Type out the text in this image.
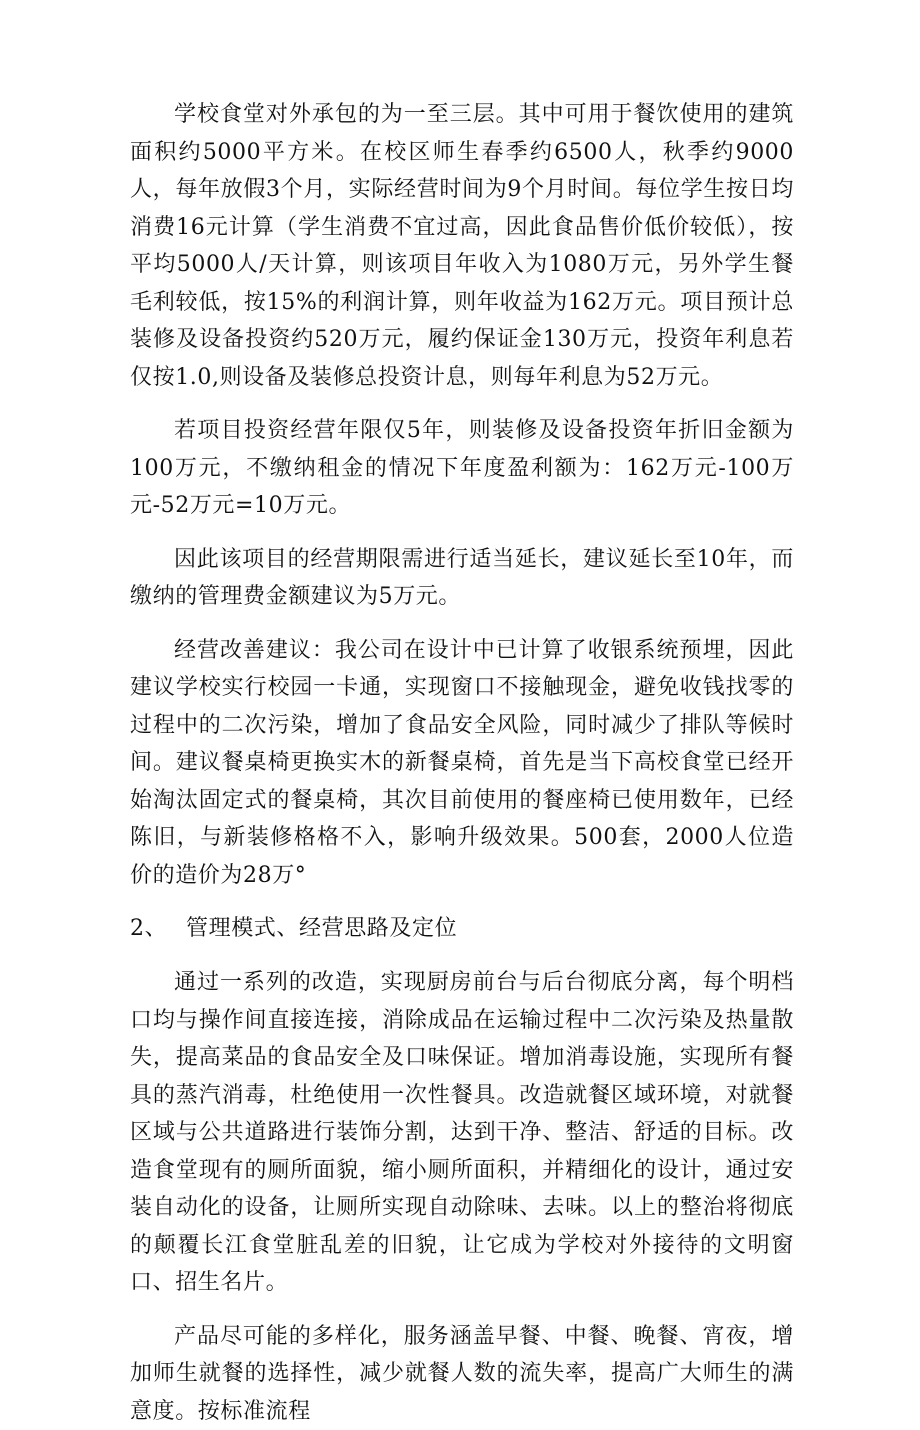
学校食堂对外承包的为一至三层。其中可用于餐饮使用的建筑面积约5000平方米。在校区师生春季约6500人，秋季约9000人，每年放假3个月，实际经营时间为9个月时间。每位学生按日均消费16元计算（学生消费不宜过高，因此食品售价低价较低），按平均5000人/天计算，则该项目年收入为1080万元，另外学生餐毛利较低，按15%的利润计算，则年收益为162万元。项目预计总装修及设备投资约520万元，履约保证金130万元，投资年利息若仅按1.0,则设备及装修总投资计息，则每年利息为52万元。

若项目投资经营年限仅5年，则装修及设备投资年折旧金额为100万元，不缴纳租金的情况下年度盈利额为：162万元-100万元-52万元=10万元。

因此该项目的经营期限需进行适当延长，建议延长至10年，而缴纳的管理费金额建议为5万元。

经营改善建议：我公司在设计中已计算了收银系统预埋，因此建议学校实行校园一卡通，实现窗口不接触现金，避免收钱找零的过程中的二次污染，增加了食品安全风险，同时减少了排队等候时间。建议餐桌椅更换实木的新餐桌椅，首先是当下高校食堂已经开始淘汰固定式的餐桌椅，其次目前使用的餐座椅已使用数年，已经陈旧，与新装修格格不入，影响升级效果。500套，2000人位造价的造价为28万°

2、 管理模式、经营思路及定位

通过一系列的改造，实现厨房前台与后台彻底分离，每个明档口均与操作间直接连接，消除成品在运输过程中二次污染及热量散失，提高菜品的食品安全及口味保证。增加消毒设施，实现所有餐具的蒸汽消毒，杜绝使用一次性餐具。改造就餐区域环境，对就餐区域与公共道路进行装饰分割，达到干净、整洁、舒适的目标。改造食堂现有的厕所面貌，缩小厕所面积，并精细化的设计，通过安装自动化的设备，让厕所实现自动除味、去味。以上的整治将彻底的颠覆长江食堂脏乱差的旧貌，让它成为学校对外接待的文明窗口、招生名片。

产品尽可能的多样化，服务涵盖早餐、中餐、晚餐、宵夜，增加师生就餐的选择性，减少就餐人数的流失率，提高广大师生的满意度。按标准流程
